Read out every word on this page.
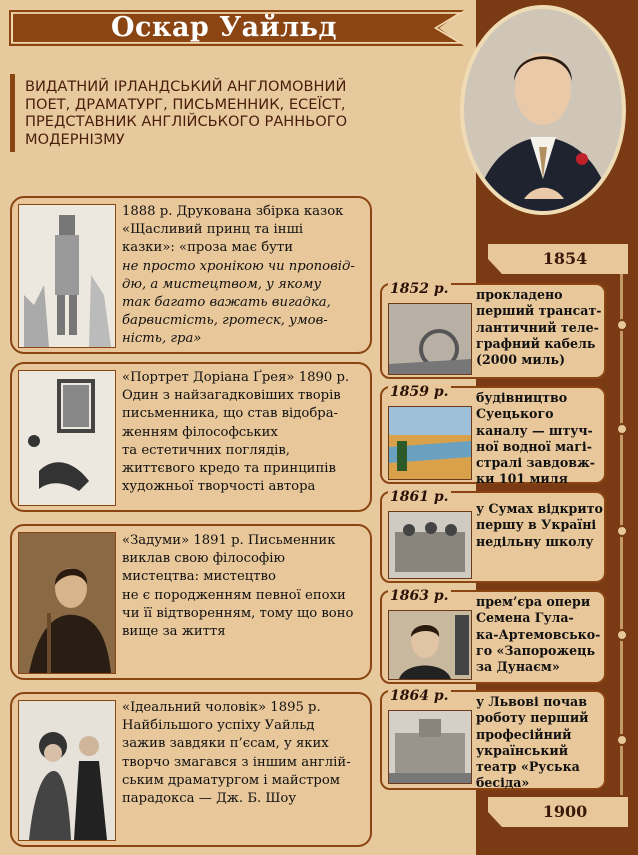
Оскар Уайльд
ВИДАТНИЙ ІРЛАНДСЬКИЙ АНГЛОМОВНИЙ
ПОЕТ, ДРАМАТУРГ, ПИСЬМЕННИК, ЕСЕЇСТ,
ПРЕДСТАВНИК АНГЛІЙСЬКОГО РАННЬОГО
МОДЕРНІЗМУ
1888 р. Друкована збірка казок
«Щасливий принц та інші
казки»: «проза має бути
не просто хронікою чи проповід-
дю, а мистецтвом, у якому
так багато важать вигадка,
барвистість, гротеск, умов-
ність, гра»
«Портрет Доріана Ґрея» 1890 р.
Один з найзагадковіших творів
письменника, що став відобра-
женням філософських
та естетичних поглядів,
життєвого кредо та принципів
художньої творчості автора
«Задуми» 1891 р. Письменник
виклав свою філософію
мистецтва: мистецтво
не є породженням певної епохи
чи її відтворенням, тому що воно
вище за життя
«Ідеальний чоловік» 1895 р.
Найбільшого успіху Уайльд
зажив завдяки п’єсам, у яких
творчо змагався з іншим англій-
ським драматургом і майстром
парадокса — Дж. Б. Шоу
1854
1900
1852 р. прокладено
перший трансат-
лантичний теле-
графний кабель
(2000 миль)
1859 р. будівництво
Суецького
каналу — штуч-
ної водної магі-
стралі завдовж-
ки 101 миля
1861 р.
у Сумах відкрито
першу в Україні
недільну школу
1863 р. прем’єра опери
Семена Гула-
ка-Артемовсько-
го «Запорожець
за Дунаєм»
1864 р. у Львові почав
роботу перший
професійний
український
театр «Руська
бесіда»
